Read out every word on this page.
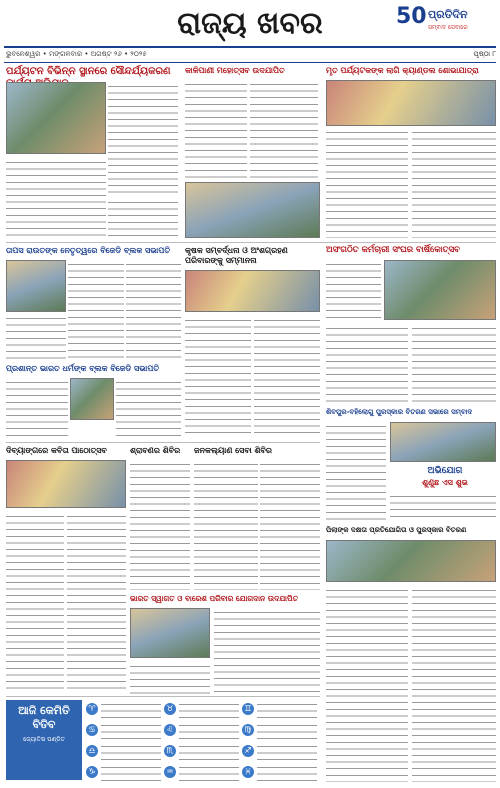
ରାଜ୍ୟ ଖବର	50 ପ୍ରତିଦିନ
ସମ୍ବାଦ ସେବାରେ
ଭୁବନେଶ୍ୱର • ମଙ୍ଗଳବାର • ଅଗଷ୍ଟ ୨୬ • ୨୦୨୫	ପୃଷ୍ଠା ୮
ପର୍ଯ୍ୟଟନ ବିଭିନ୍ନ ସ୍ଥାନରେ ସୌନ୍ଦର୍ଯ୍ୟକରଣ	କାଳିପାଣୀ ମହୋତ୍ସବ ଉଦଯାପିତ	ମୃତ ପର୍ଯ୍ୟଟକଙ୍କ ଲାଗି କ୍ୟାଣ୍ଡଲ ଶୋଭାଯାତ୍ରା
ଅସଂଗଠିତ କର୍ମଚାରୀ ସଂଘର ବାର୍ଷିକୋତ୍ସବ
ତାପସ ରାଉତଙ୍କ ନେତୃତ୍ୱରେ ବିଜେଡି ବ୍ଲକ ସଭାପତି	କୃଷକ ସମ୍ବର୍ଦ୍ଧନା ଓ ଅଂଶଗ୍ରହଣ ପରିବାରଙ୍କୁ ସମ୍ମାନନା
ପ୍ରଶାନ୍ତ ଭାରତ ଧର୍ମଙ୍କ ବ୍ଲକ ବିଜେଡି ସଭାପତି
ଶିବପୁର-ବହିଲୋଗୁ ପୁରସ୍କାର ବିତରଣ ସଭାରେ ସମ୍ବାଦ
ଅଭିଯୋଗ
ଶୁଣୁଛ ଏସ ଶୁଭ
ଦିବ୍ୟାଙ୍ଗରେ କବିତା ପାଠୋତ୍ସବ	ଶ୍ରାବଣର ଶିବିର	ଜନକଲ୍ୟାଣ ସେବା ଶିବିର
ପିଲାଙ୍କ ଦକ୍ଷତା ପ୍ରତିଯୋଗିତା ଓ ପୁରସ୍କାର ବିତରଣ
ଭାରତ ସ୍ୱାଗତ ଓ ବାରେଶ ପରିବାର ଯୋଗଦାନ ଉଦଯାପିତ
ଆଜି କେମିତି ବିତିବ
ଜ୍ୟୋତିଷ ପଣ୍ଡିତ
♈	♉	♊
♋	♌	♍
♎	♏	♐
♑	♒	♓
